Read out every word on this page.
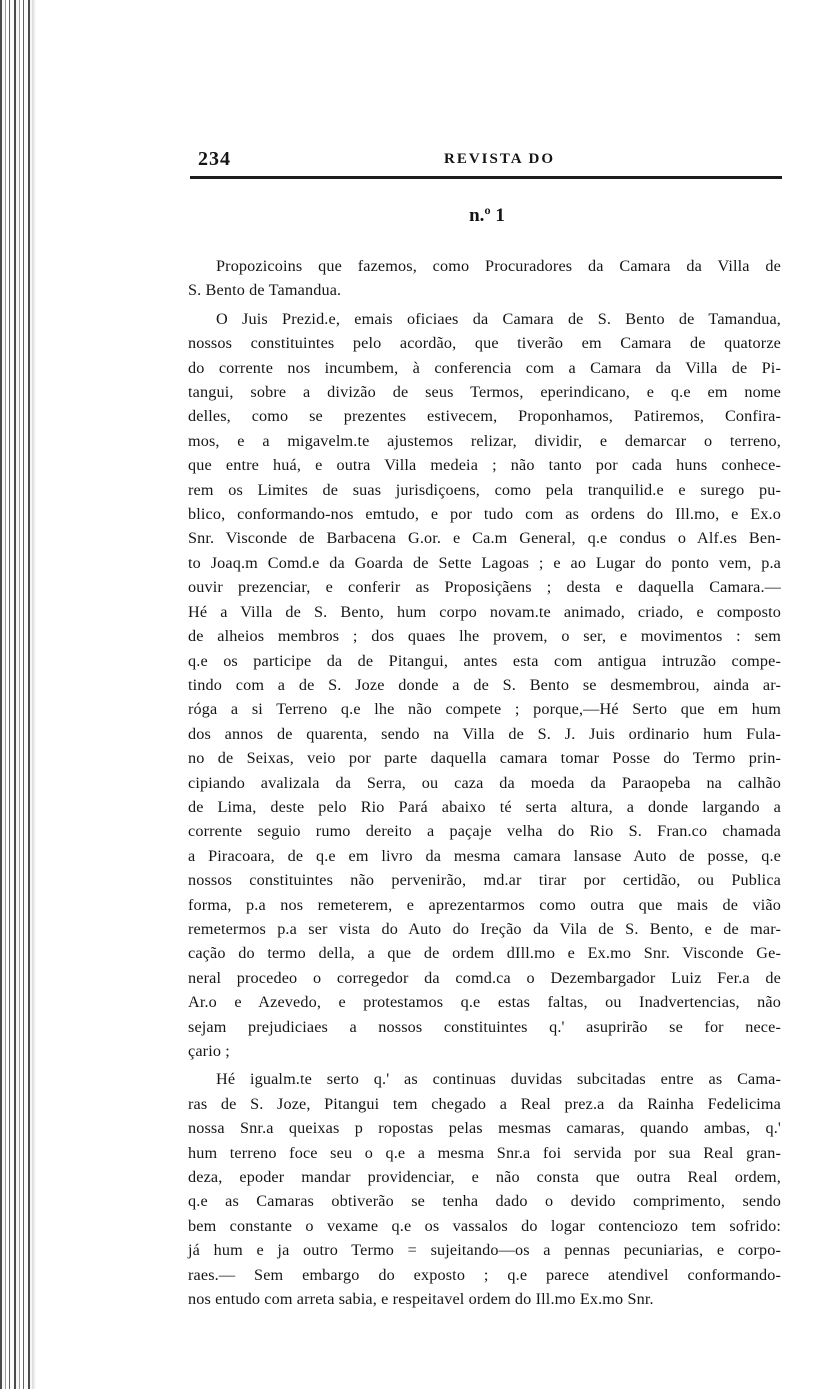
234	REVISTA DO
n.º 1
Propozicoins que fazemos, como Procuradores da Camara da Villa de
S. Bento de Tamandua.
O Juis Prezid.e, emais oficiaes da Camara de S. Bento de Tamandua,
nossos constituintes pelo acordão, que tiverão em Camara de quatorze
do corrente nos incumbem, à conferencia com a Camara da Villa de Pi-
tangui, sobre a divizão de seus Termos, eperindicano, e q.e em nome
delles, como se prezentes estivecem, Proponhamos, Patiremos, Confira-
mos, e a migavelm.te ajustemos relizar, dividir, e demarcar o terreno,
que entre huá, e outra Villa medeia ; não tanto por cada huns conhece-
rem os Limites de suas jurisdiçoens, como pela tranquilid.e e surego pu-
blico, conformando-nos emtudo, e por tudo com as ordens do Ill.mo, e Ex.o
Snr. Visconde de Barbacena G.or. e Ca.m General, q.e condus o Alf.es Ben-
to Joaq.m Comd.e da Goarda de Sette Lagoas ; e ao Lugar do ponto vem, p.a
ouvir prezenciar, e conferir as Proposiçãens ; desta e daquella Camara.—
Hé a Villa de S. Bento, hum corpo novam.te animado, criado, e composto
de alheios membros ; dos quaes lhe provem, o ser, e movimentos : sem
q.e os participe da de Pitangui, antes esta com antigua intruzão compe-
tindo com a de S. Joze donde a de S. Bento se desmembrou, ainda ar-
róga a si Terreno q.e lhe não compete ; porque,—Hé Serto que em hum
dos annos de quarenta, sendo na Villa de S. J. Juis ordinario hum Fula-
no de Seixas, veio por parte daquella camara tomar Posse do Termo prin-
cipiando avalizala da Serra, ou caza da moeda da Paraopeba na calhão
de Lima, deste pelo Rio Pará abaixo té serta altura, a donde largando a
corrente seguio rumo dereito a paçaje velha do Rio S. Fran.co chamada
a Piracoara, de q.e em livro da mesma camara lansase Auto de posse, q.e
nossos constituintes não pervenirão, md.ar tirar por certidão, ou Publica
forma, p.a nos remeterem, e aprezentarmos como outra que mais de vião
remetermos p.a ser vista do Auto do Ireção da Vila de S. Bento, e de mar-
cação do termo della, a que de ordem dIll.mo e Ex.mo Snr. Visconde Ge-
neral procedeo o corregedor da comd.ca o Dezembargador Luiz Fer.a de
Ar.o e Azevedo, e protestamos q.e estas faltas, ou Inadvertencias, não
sejam prejudiciaes a nossos constituintes q.' asuprirão se for nece-
çario ;
Hé igualm.te serto q.' as continuas duvidas subcitadas entre as Cama-
ras de S. Joze, Pitangui tem chegado a Real prez.a da Rainha Fedelicima
nossa Snr.a queixas p ropostas pelas mesmas camaras, quando ambas, q.'
hum terreno foce seu o q.e a mesma Snr.a foi servida por sua Real gran-
deza, epoder mandar providenciar, e não consta que outra Real ordem,
q.e as Camaras obtiverão se tenha dado o devido comprimento, sendo
bem constante o vexame q.e os vassalos do logar contenciozo tem sofrido:
já hum e ja outro Termo = sujeitando—os a pennas pecuniarias, e corpo-
raes.— Sem embargo do exposto ; q.e parece atendivel conformando-
nos entudo com arreta sabia, e respeitavel ordem do Ill.mo Ex.mo Snr.
